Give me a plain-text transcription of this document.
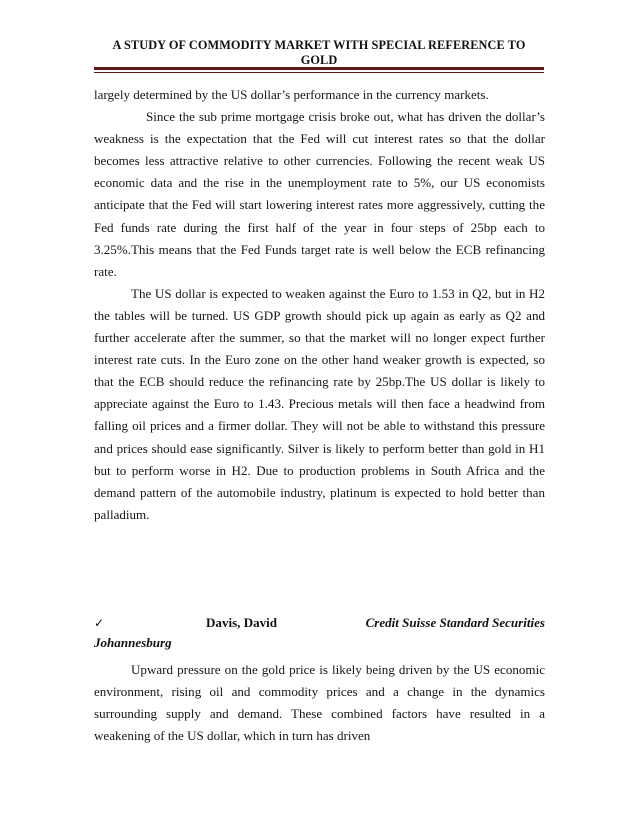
A STUDY OF COMMODITY MARKET WITH SPECIAL REFERENCE TO GOLD

largely determined by the US dollar’s performance in the currency markets.

Since the sub prime mortgage crisis broke out, what has driven the dollar’s weakness is the expectation that the Fed will cut interest rates so that the dollar becomes less attractive relative to other currencies. Following the recent weak US economic data and the rise in the unemployment rate to 5%, our US economists anticipate that the Fed will start lowering interest rates more aggressively, cutting the Fed funds rate during the first half of the year in four steps of 25bp each to 3.25%.This means that the Fed Funds target rate is well below the ECB refinancing rate.

The US dollar is expected to weaken against the Euro to 1.53 in Q2, but in H2 the tables will be turned. US GDP growth should pick up again as early as Q2 and further accelerate after the summer, so that the market will no longer expect further interest rate cuts. In the Euro zone on the other hand weaker growth is expected, so that the ECB should reduce the refinancing rate by 25bp.The US dollar is likely to appreciate against the Euro to 1.43. Precious metals will then face a headwind from falling oil prices and a firmer dollar. They will not be able to withstand this pressure and prices should ease significantly. Silver is likely to perform better than gold in H1 but to perform worse in H2. Due to production problems in South Africa and the demand pattern of the automobile industry, platinum is expected to hold better than palladium.

✓	Davis, David	Credit Suisse Standard Securities
Johannesburg

Upward pressure on the gold price is likely being driven by the US economic environment, rising oil and commodity prices and a change in the dynamics surrounding supply and demand. These combined factors have resulted in a weakening of the US dollar, which in turn has driven
